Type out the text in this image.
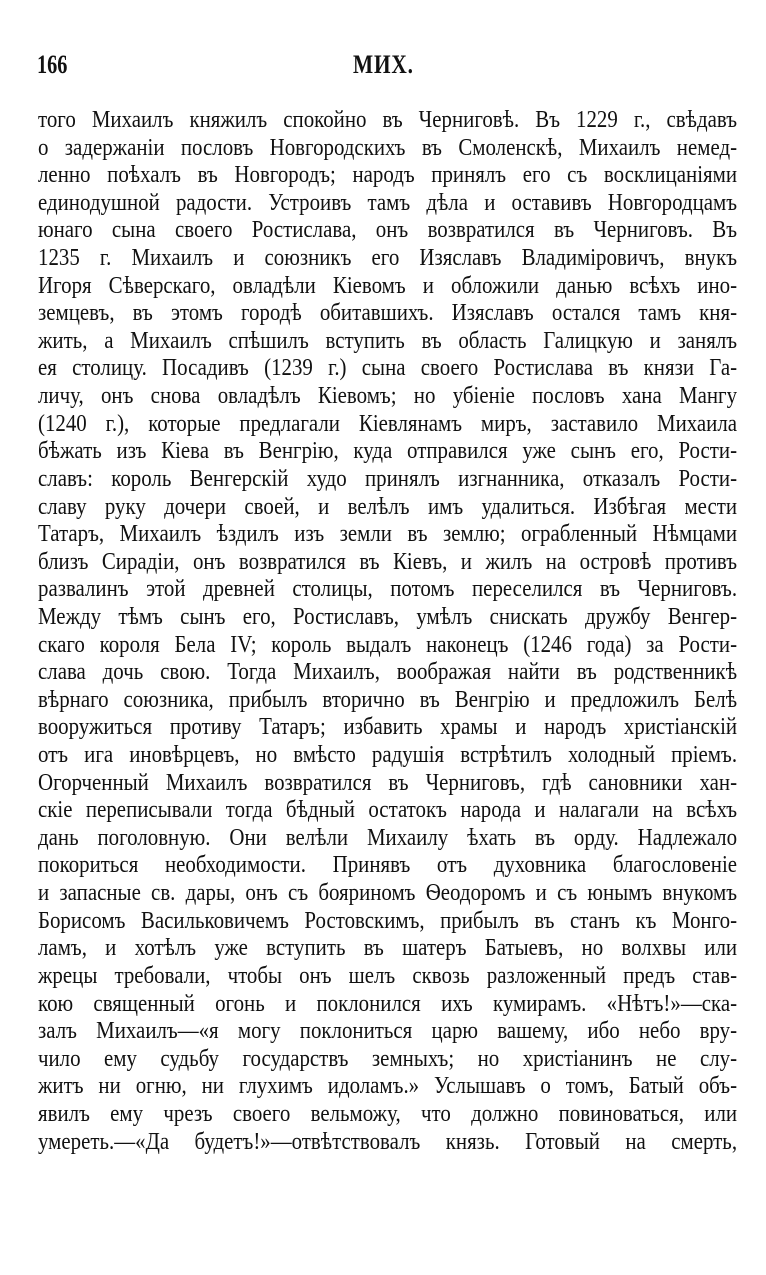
166	МИХ.
того Михаилъ княжилъ спокойно въ Черниговѣ. Въ 1229 г., свѣдавъ
о задержаніи пословъ Новгородскихъ въ Смоленскѣ, Михаилъ немед-
ленно поѣхалъ въ Новгородъ; народъ принялъ его съ восклицаніями
единодушной радости. Устроивъ тамъ дѣла и оставивъ Новгородцамъ
юнаго сына своего Ростислава, онъ возвратился въ Черниговъ. Въ
1235 г. Михаилъ и союзникъ его Изяславъ Владиміровичъ, внукъ
Игоря Сѣверскаго, овладѣли Кіевомъ и обложили данью всѣхъ ино-
земцевъ, въ этомъ городѣ обитавшихъ. Изяславъ остался тамъ кня-
жить, а Михаилъ спѣшилъ вступить въ область Галицкую и занялъ
ея столицу. Посадивъ (1239 г.) сына своего Ростислава въ князи Га-
личу, онъ снова овладѣлъ Кіевомъ; но убіеніе пословъ хана Мангу
(1240 г.), которые предлагали Кіевлянамъ миръ, заставило Михаила
бѣжать изъ Кіева въ Венгрію, куда отправился уже сынъ его, Рости-
славъ: король Венгерскій худо принялъ изгнанника, отказалъ Рости-
славу руку дочери своей, и велѣлъ имъ удалиться. Избѣгая мести
Татаръ, Михаилъ ѣздилъ изъ земли въ землю; ограбленный Нѣмцами
близъ Сирадіи, онъ возвратился въ Кіевъ, и жилъ на островѣ противъ
развалинъ этой древней столицы, потомъ переселился въ Черниговъ.
Между тѣмъ сынъ его, Ростиславъ, умѣлъ снискать дружбу Венгер-
скаго короля Бела IV; король выдалъ наконецъ (1246 года) за Рости-
слава дочь свою. Тогда Михаилъ, воображая найти въ родственникѣ
вѣрнаго союзника, прибылъ вторично въ Венгрію и предложилъ Белѣ
вооружиться противу Татаръ; избавить храмы и народъ христіанскій
отъ ига иновѣрцевъ, но вмѣсто радушія встрѣтилъ холодный пріемъ.
Огорченный Михаилъ возвратился въ Черниговъ, гдѣ сановники хан-
скіе переписывали тогда бѣдный остатокъ народа и налагали на всѣхъ
дань поголовную. Они велѣли Михаилу ѣхать въ орду. Надлежало
покориться необходимости. Принявъ отъ духовника благословеніе
и запасные св. дары, онъ съ бояриномъ Ѳеодоромъ и съ юнымъ внукомъ
Борисомъ Васильковичемъ Ростовскимъ, прибылъ въ станъ къ Монго-
ламъ, и хотѣлъ уже вступить въ шатеръ Батыевъ, но волхвы или
жрецы требовали, чтобы онъ шелъ сквозь разложенный предъ став-
кою священный огонь и поклонился ихъ кумирамъ. «Нѣтъ!»—ска-
залъ Михаилъ—«я могу поклониться царю вашему, ибо небо вру-
чило ему судьбу государствъ земныхъ; но христіанинъ не слу-
житъ ни огню, ни глухимъ идоламъ.» Услышавъ о томъ, Батый объ-
явилъ ему чрезъ своего вельможу, что должно повиноваться, или
умереть.—«Да будетъ!»—отвѣтствовалъ князь. Готовый на смерть,
